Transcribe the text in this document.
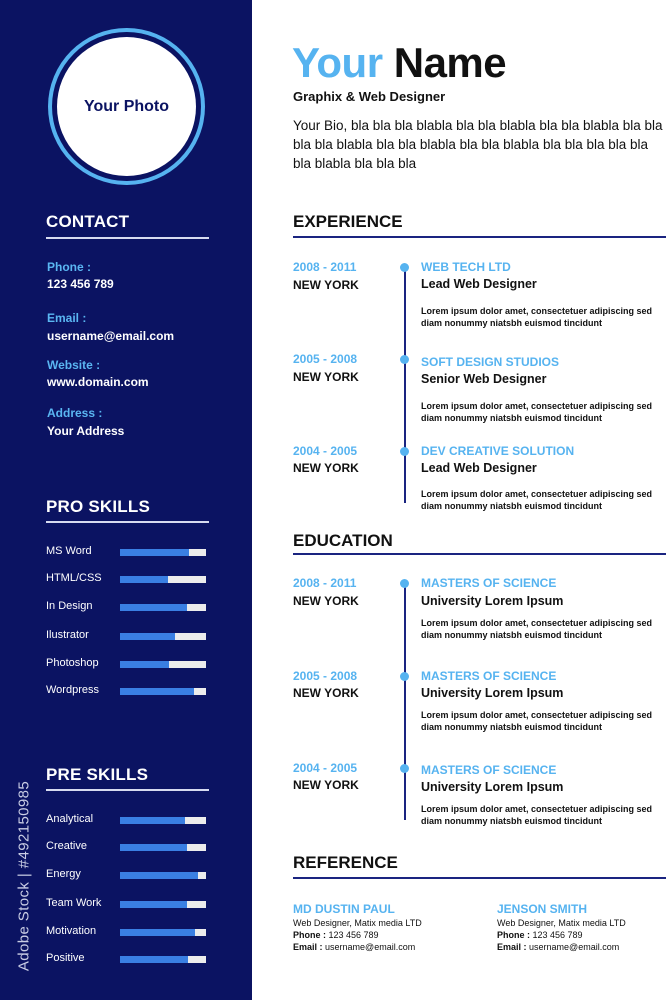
Your Photo
CONTACT
Phone :
123 456 789
Email :
username@email.com
Website :
www.domain.com
Address :
Your Address
PRO SKILLS
MS Word
HTML/CSS
In Design
Ilustrator
Photoshop
Wordpress
PRE SKILLS
Analytical
Creative
Energy
Team Work
Motivation
Positive
Adobe Stock | #492150985
Your Name
Graphix & Web Designer
Your Bio, bla bla bla blabla bla bla blabla bla bla blabla bla bla bla bla blabla bla bla blabla bla bla blabla bla bla bla bla bla bla blabla bla bla bla
EXPERIENCE
2008 - 2011
NEW YORK
WEB TECH LTD
Lead Web Designer
Lorem ipsum dolor amet, consectetuer adipiscing sed diam nonummy niatsbh euismod tincidunt
2005 - 2008
NEW YORK
SOFT DESIGN STUDIOS
Senior Web Designer
Lorem ipsum dolor amet, consectetuer adipiscing sed diam nonummy niatsbh euismod tincidunt
2004 - 2005
NEW YORK
DEV CREATIVE SOLUTION
Lead Web Designer
Lorem ipsum dolor amet, consectetuer adipiscing sed diam nonummy niatsbh euismod tincidunt
EDUCATION
2008 - 2011
NEW YORK
MASTERS OF SCIENCE
University Lorem Ipsum
Lorem ipsum dolor amet, consectetuer adipiscing sed diam nonummy niatsbh euismod tincidunt
2005 - 2008
NEW YORK
MASTERS OF SCIENCE
University Lorem Ipsum
Lorem ipsum dolor amet, consectetuer adipiscing sed diam nonummy niatsbh euismod tincidunt
2004 - 2005
NEW YORK
MASTERS OF SCIENCE
University Lorem Ipsum
Lorem ipsum dolor amet, consectetuer adipiscing sed diam nonummy niatsbh euismod tincidunt
REFERENCE
MD DUSTIN PAUL
Web Designer, Matix media LTD
Phone : 123 456 789
Email : username@email.com
JENSON SMITH
Web Designer, Matix media LTD
Phone : 123 456 789
Email : username@email.com
